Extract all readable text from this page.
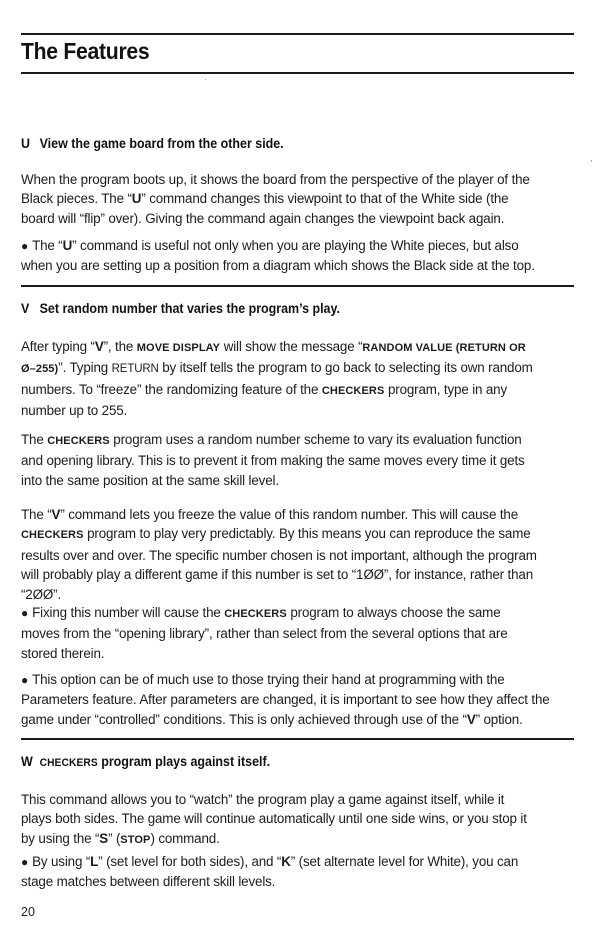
The Features
U View the game board from the other side.
When the program boots up, it shows the board from the perspective of the player of the
Black pieces. The “U” command changes this viewpoint to that of the White side (the
board will “flip” over). Giving the command again changes the viewpoint back again.
● The “U” command is useful not only when you are playing the White pieces, but also
when you are setting up a position from a diagram which shows the Black side at the top.
V Set random number that varies the program’s play.
After typing “V”, the MOVE DISPLAY will show the message “RANDOM VALUE (RETURN OR
Ø–255)”. Typing RETURN by itself tells the program to go back to selecting its own random
numbers. To “freeze” the randomizing feature of the CHECKERS program, type in any
number up to 255.
The CHECKERS program uses a random number scheme to vary its evaluation function
and opening library. This is to prevent it from making the same moves every time it gets
into the same position at the same skill level.
The “V” command lets you freeze the value of this random number. This will cause the
CHECKERS program to play very predictably. By this means you can reproduce the same
results over and over. The specific number chosen is not important, although the program
will probably play a different game if this number is set to “1ØØ”, for instance, rather than
“2ØØ”.
● Fixing this number will cause the CHECKERS program to always choose the same
moves from the “opening library”, rather than select from the several options that are
stored therein.
● This option can be of much use to those trying their hand at programming with the
Parameters feature. After parameters are changed, it is important to see how they affect the
game under “controlled” conditions. This is only achieved through use of the “V” option.
W CHECKERS program plays against itself.
This command allows you to “watch” the program play a game against itself, while it
plays both sides. The game will continue automatically until one side wins, or you stop it
by using the “S” (STOP) command.
● By using “L” (set level for both sides), and “K” (set alternate level for White), you can
stage matches between different skill levels.
20
